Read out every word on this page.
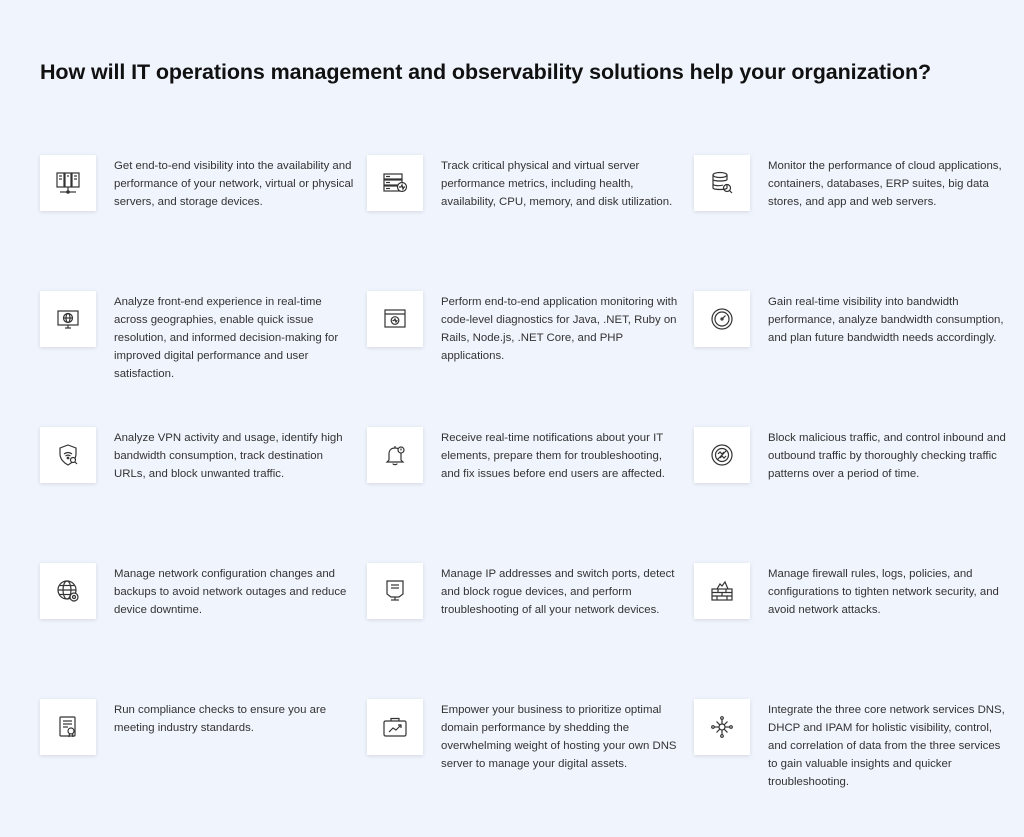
How will IT operations management and observability solutions help your organization?
Get end-to-end visibility into the availability and performance of your network, virtual or physical servers, and storage devices.
Track critical physical and virtual server performance metrics, including health, availability, CPU, memory, and disk utilization.
Monitor the performance of cloud applications, containers, databases, ERP suites, big data stores, and app and web servers.
Analyze front-end experience in real-time across geographies, enable quick issue resolution, and informed decision-making for improved digital performance and user satisfaction.
Perform end-to-end application monitoring with code-level diagnostics for Java, .NET, Ruby on Rails, Node.js, .NET Core, and PHP applications.
Gain real-time visibility into bandwidth performance, analyze bandwidth consumption, and plan future bandwidth needs accordingly.
Analyze VPN activity and usage, identify high bandwidth consumption, track destination URLs, and block unwanted traffic.
Receive real-time notifications about your IT elements, prepare them for troubleshooting, and fix issues before end users are affected.
Block malicious traffic, and control inbound and outbound traffic by thoroughly checking traffic patterns over a period of time.
Manage network configuration changes and backups to avoid network outages and reduce device downtime.
Manage IP addresses and switch ports, detect and block rogue devices, and perform troubleshooting of all your network devices.
Manage firewall rules, logs, policies, and configurations to tighten network security, and avoid network attacks.
Run compliance checks to ensure you are meeting industry standards.
Empower your business to prioritize optimal domain performance by shedding the overwhelming weight of hosting your own DNS server to manage your digital assets.
Integrate the three core network services DNS, DHCP and IPAM for holistic visibility, control, and correlation of data from the three services to gain valuable insights and quicker troubleshooting.
